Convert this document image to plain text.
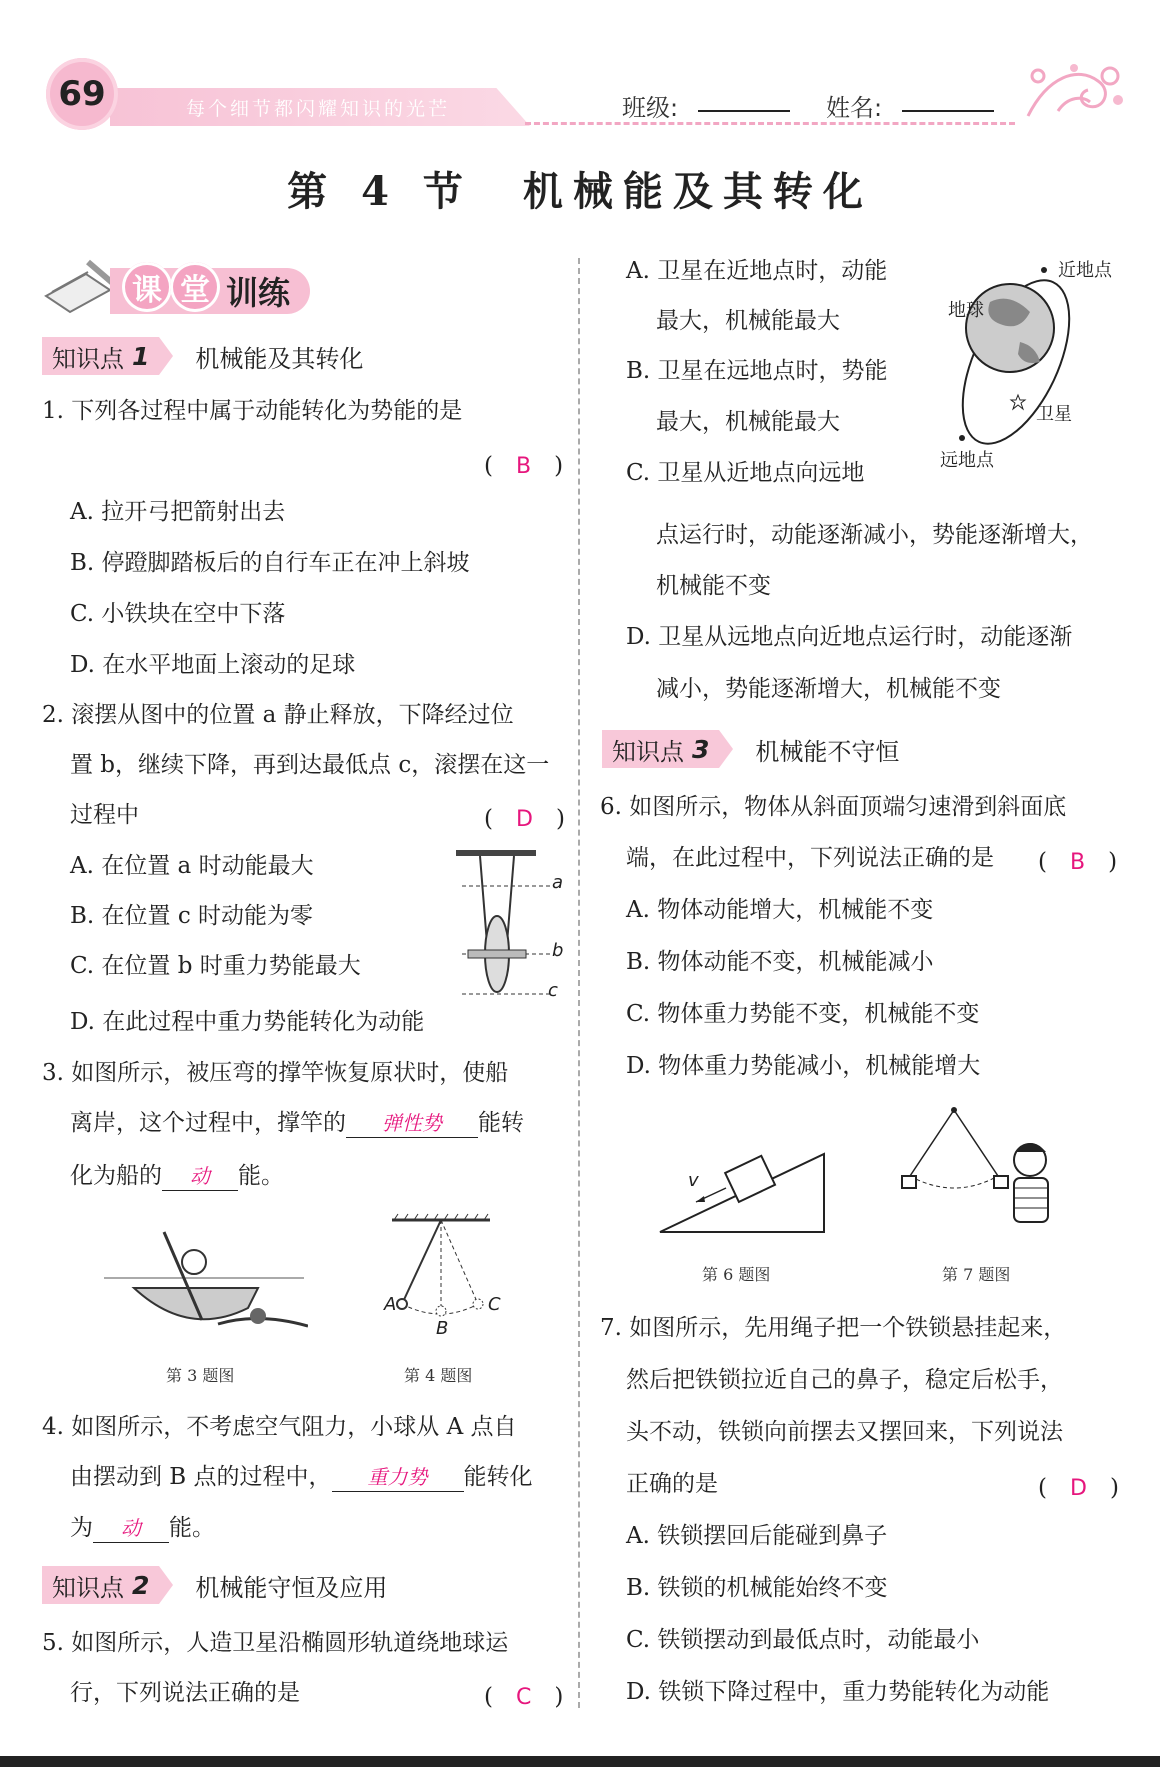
69	每个细节都闪耀知识的光芒	班级:	姓名:
第 4 节　机械能及其转化
课 堂 训练
知识点 1 机械能及其转化
1. 下列各过程中属于动能转化为势能的是
(　B　)
A. 拉开弓把箭射出去
B. 停蹬脚踏板后的自行车正在冲上斜坡
C. 小铁块在空中下落
D. 在水平地面上滚动的足球
2. 滚摆从图中的位置 a 静止释放，下降经过位
置 b，继续下降，再到达最低点 c，滚摆在这一
过程中	(　D　)
A. 在位置 a 时动能最大
B. 在位置 c 时动能为零
C. 在位置 b 时重力势能最大
D. 在此过程中重力势能转化为动能
a
b
c
3. 如图所示，被压弯的撑竿恢复原状时，使船
离岸，这个过程中，撑竿的 弹性势 能转
化为船的 动 能。
第 3 题图
A
B
C
第 4 题图
4. 如图所示，不考虑空气阻力，小球从 A 点自
由摆动到 B 点的过程中， 重力势 能转化
为 动 能。
知识点 2 机械能守恒及应用
5. 如图所示，人造卫星沿椭圆形轨道绕地球运
行，下列说法正确的是	(　C　)
A. 卫星在近地点时，动能
最大，机械能最大
B. 卫星在远地点时，势能
最大，机械能最大
C. 卫星从近地点向远地
点运行时，动能逐渐减小，势能逐渐增大，
机械能不变
D. 卫星从远地点向近地点运行时，动能逐渐
减小，势能逐渐增大，机械能不变
近地点
地球
卫星
远地点
知识点 3 机械能不守恒
6. 如图所示，物体从斜面顶端匀速滑到斜面底
端，在此过程中，下列说法正确的是 (　B　)
A. 物体动能增大，机械能不变
B. 物体动能不变，机械能减小
C. 物体重力势能不变，机械能不变
D. 物体重力势能减小，机械能增大
v
第 6 题图	第 7 题图
7. 如图所示，先用绳子把一个铁锁悬挂起来，
然后把铁锁拉近自己的鼻子，稳定后松手，
头不动，铁锁向前摆去又摆回来，下列说法
正确的是	(　D　)
A. 铁锁摆回后能碰到鼻子
B. 铁锁的机械能始终不变
C. 铁锁摆动到最低点时，动能最小
D. 铁锁下降过程中，重力势能转化为动能
